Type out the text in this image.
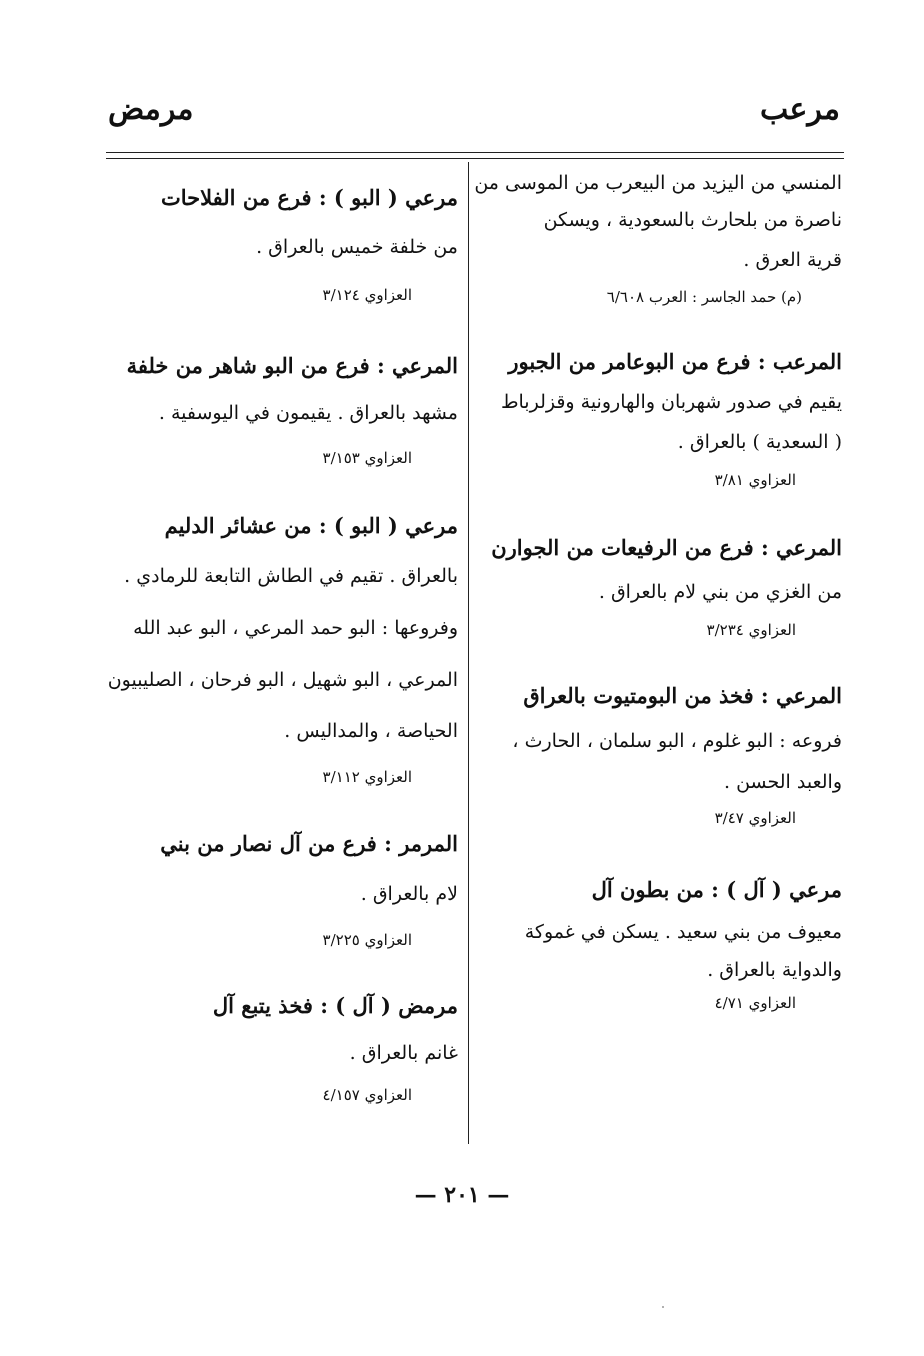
مرعب
مرمض
المنسي من اليزيد من البيعرب من الموسى من
ناصرة من بلحارث بالسعودية ، ويسكن
قرية العرق .
(م) حمد الجاسر : العرب ٦/٦٠٨
المرعب : فرع من البوعامر من الجبور
يقيم في صدور شهربان والهارونية وقزلرباط
( السعدية ) بالعراق .
العزاوي ٣/٨١
المرعي : فرع من الرفيعات من الجوارن
من الغزي من بني لام بالعراق .
العزاوي ٣/٢٣٤
المرعي : فخذ من البومتيوت بالعراق
فروعه : البو غلوم ، البو سلمان ، الحارث ،
والعبد الحسن .
العزاوي ٣/٤٧
مرعي ( آل ) : من بطون آل
معيوف من بني سعيد . يسكن في غموكة
والدواية بالعراق .
العزاوي ٤/٧١
مرعي ( البو ) : فرع من الفلاحات
من خلفة خميس بالعراق .
العزاوي ٣/١٢٤
المرعي : فرع من البو شاهر من خلفة
مشهد بالعراق . يقيمون في اليوسفية .
العزاوي ٣/١٥٣
مرعي ( البو ) : من عشائر الدليم
بالعراق . تقيم في الطاش التابعة للرمادي .
وفروعها : البو حمد المرعي ، البو عبد الله
المرعي ، البو شهيل ، البو فرحان ، الصليبيون
الحياصة ، والمداليس .
العزاوي ٣/١١٢
المرمر : فرع من آل نصار من بني
لام بالعراق .
العزاوي ٣/٢٢٥
مرمض ( آل ) : فخذ يتبع آل
غانم بالعراق .
العزاوي ٤/١٥٧
— ٢٠١ —
